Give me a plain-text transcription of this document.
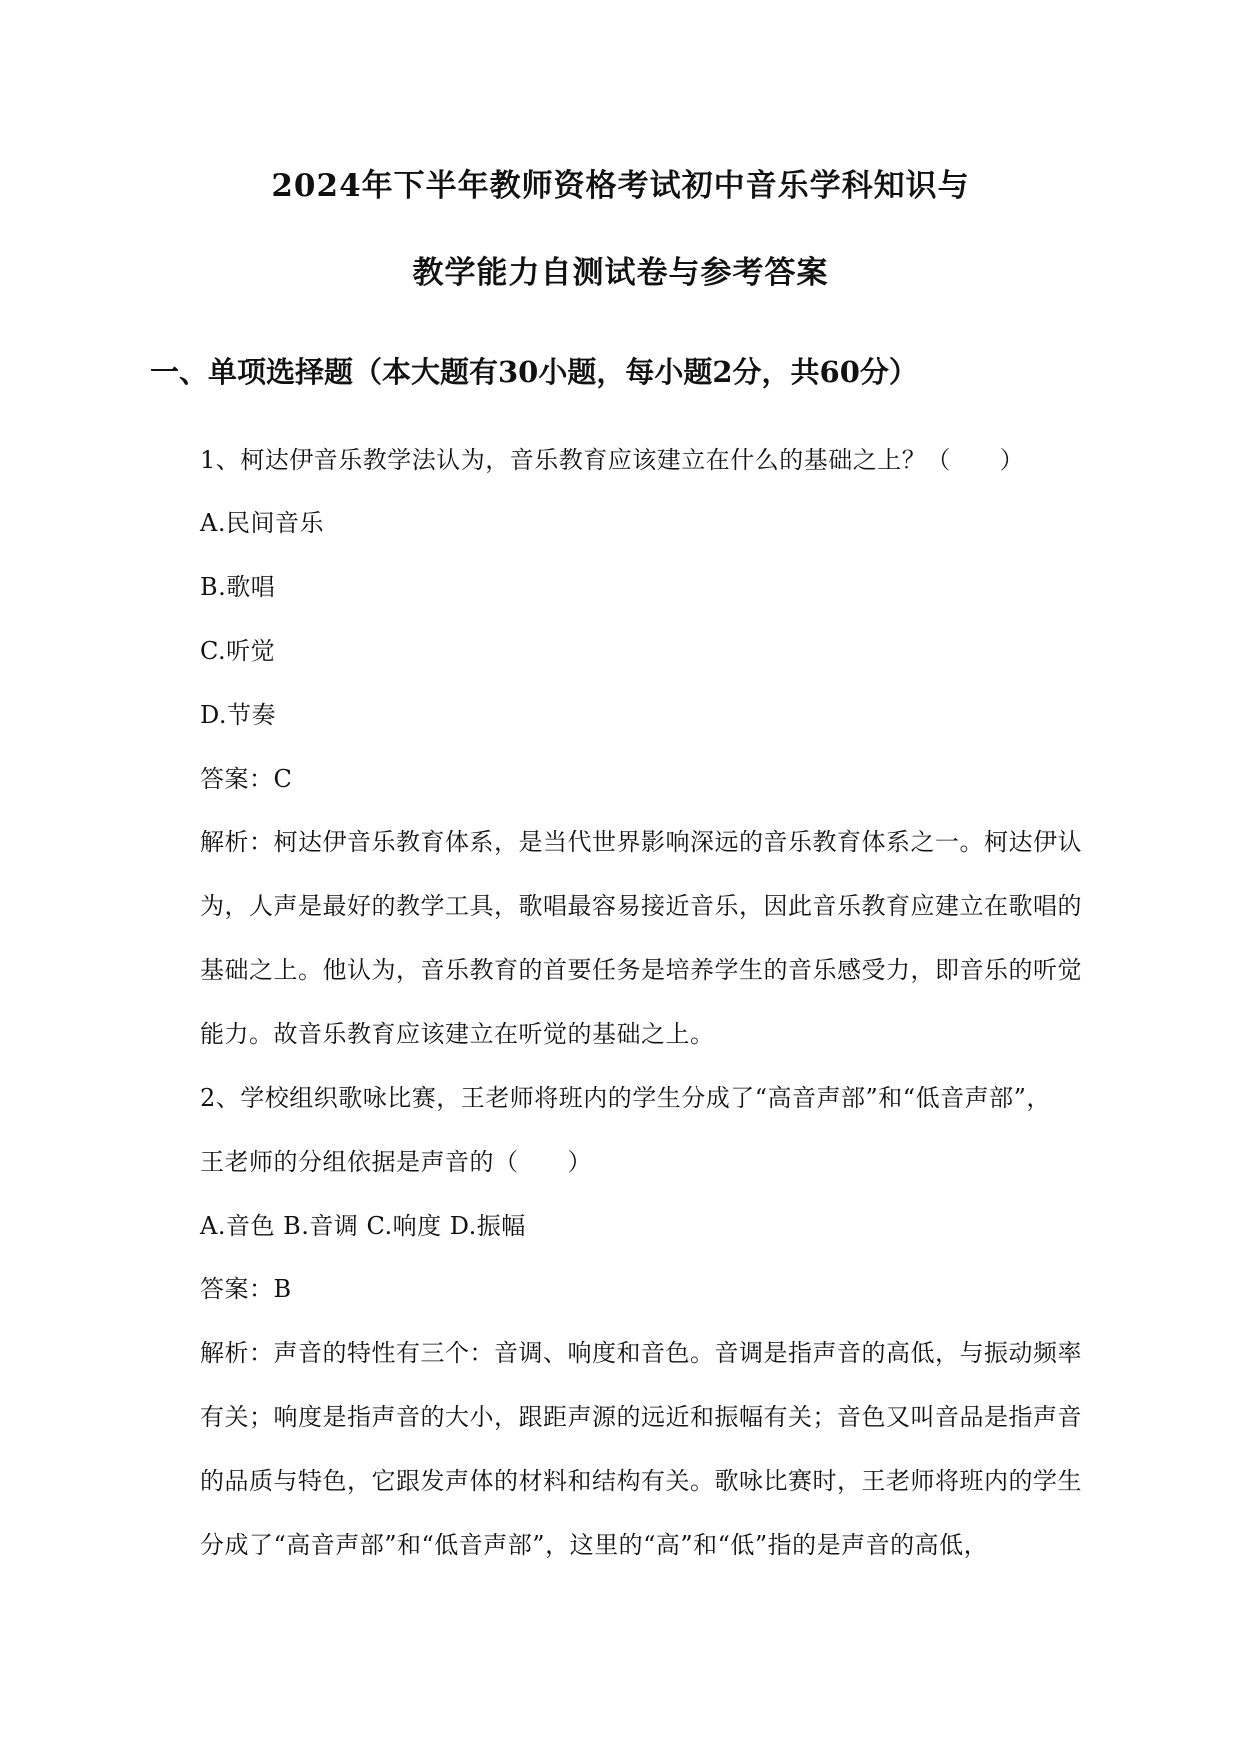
2024年下半年教师资格考试初中音乐学科知识与
教学能力自测试卷与参考答案
一、单项选择题（本大题有30小题，每小题2分，共60分）
1、柯达伊音乐教学法认为，音乐教育应该建立在什么的基础之上？（　　）
A.民间音乐
B.歌唱
C.听觉
D.节奏
答案：C
解析：柯达伊音乐教育体系，是当代世界影响深远的音乐教育体系之一。柯达伊认
为，人声是最好的教学工具，歌唱最容易接近音乐，因此音乐教育应建立在歌唱的
基础之上。他认为，音乐教育的首要任务是培养学生的音乐感受力，即音乐的听觉
能力。故音乐教育应该建立在听觉的基础之上。
2、学校组织歌咏比赛，王老师将班内的学生分成了“高音声部”和“低音声部”，
王老师的分组依据是声音的（　　）
A.音色 B.音调 C.响度 D.振幅
答案：B
解析：声音的特性有三个：音调、响度和音色。音调是指声音的高低，与振动频率
有关；响度是指声音的大小，跟距声源的远近和振幅有关；音色又叫音品是指声音
的品质与特色，它跟发声体的材料和结构有关。歌咏比赛时，王老师将班内的学生
分成了“高音声部”和“低音声部”，这里的“高”和“低”指的是声音的高低，
